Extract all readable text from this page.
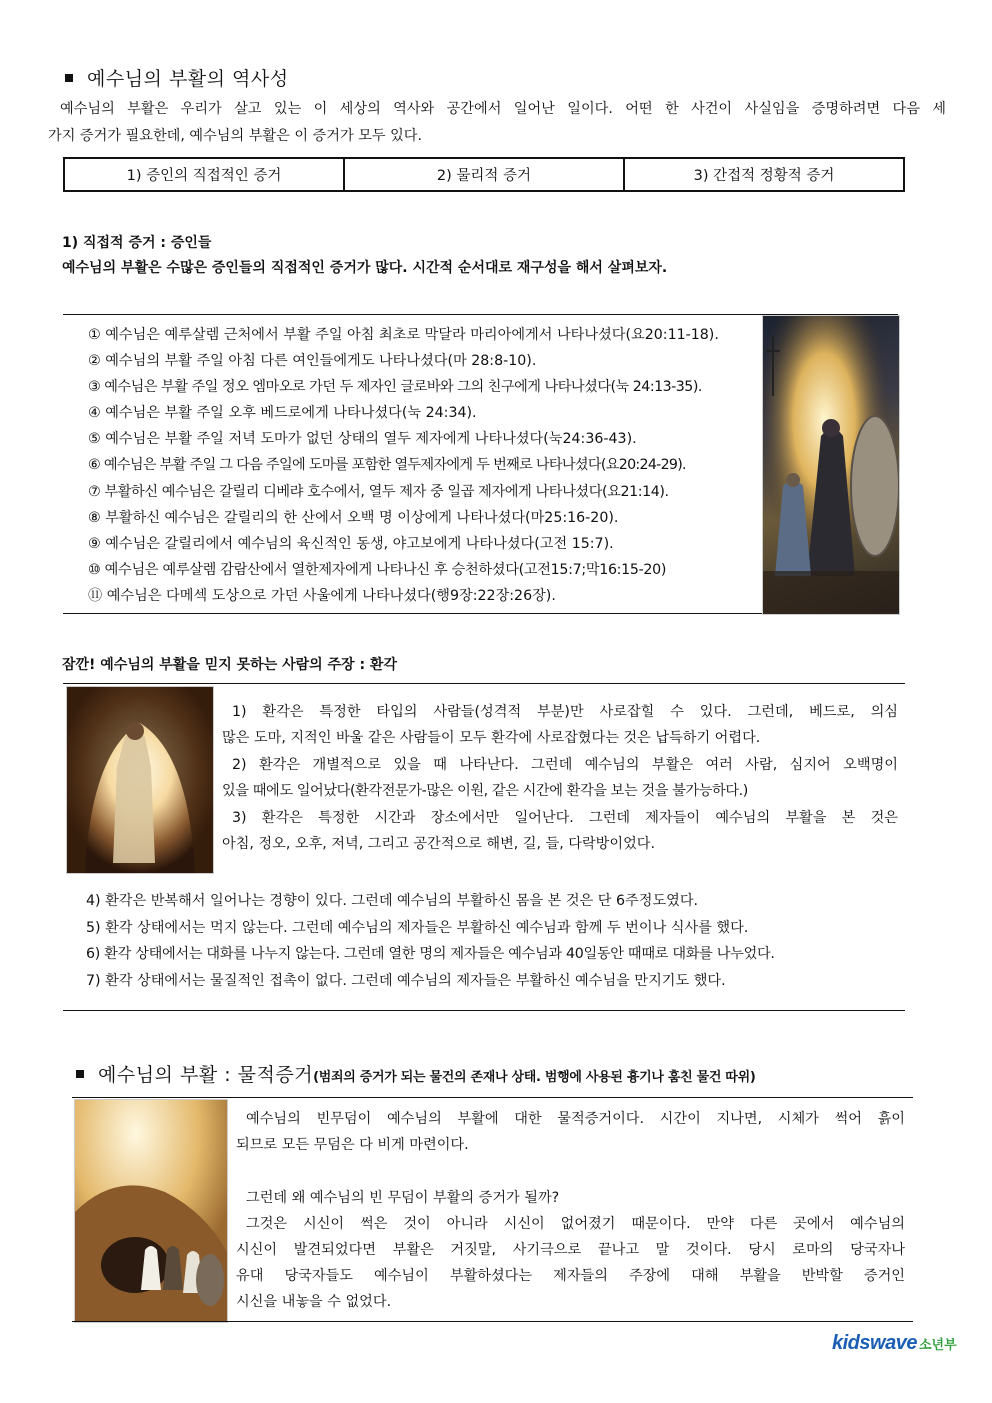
예수님의 부활의 역사성
예수님의 부활은 우리가 살고 있는 이 세상의 역사와 공간에서 일어난 일이다. 어떤 한 사건이 사실임을 증명하려면 다음 세
가지 증거가 필요한데, 예수님의 부활은 이 증거가 모두 있다.
1) 증인의 직접적인 증거	2) 물리적 증거	3) 간접적 정황적 증거
1) 직접적 증거 : 증인들
예수님의 부활은 수많은 증인들의 직접적인 증거가 많다. 시간적 순서대로 재구성을 해서 살펴보자.
① 예수님은 예루살렘 근처에서 부활 주일 아침 최초로 막달라 마리아에게서 나타나셨다(요20:11-18).
② 예수님의 부활 주일 아침 다른 여인들에게도 나타나셨다(마 28:8-10).
③ 예수님은 부활 주일 정오 엠마오로 가던 두 제자인 글로바와 그의 친구에게 나타나셨다(눅 24:13-35).
④ 예수님은 부활 주일 오후 베드로에게 나타나셨다(눅 24:34).
⑤ 예수님은 부활 주일 저녁 도마가 없던 상태의 열두 제자에게 나타나셨다(눅24:36-43).
⑥ 예수님은 부활 주일 그 다음 주일에 도마를 포함한 열두제자에게 두 번째로 나타나셨다(요20:24-29).
⑦ 부활하신 예수님은 갈릴리 디베랴 호수에서, 열두 제자 중 일곱 제자에게 나타나셨다(요21:14).
⑧ 부활하신 예수님은 갈릴리의 한 산에서 오백 명 이상에게 나타나셨다(마25:16-20).
⑨ 예수님은 갈릴리에서 예수님의 육신적인 동생, 야고보에게 나타나셨다(고전 15:7).
⑩ 예수님은 예루살렘 감람산에서 열한제자에게 나타나신 후 승천하셨다(고전15:7;막16:15-20)
⑪ 예수님은 다메섹 도상으로 가던 사울에게 나타나셨다(행9장:22장:26장).
잠깐! 예수님의 부활을 믿지 못하는 사람의 주장 : 환각
1) 환각은 특정한 타입의 사람들(성격적 부분)만 사로잡힐 수 있다. 그런데, 베드로, 의심
많은 도마, 지적인 바울 같은 사람들이 모두 환각에 사로잡혔다는 것은 납득하기 어렵다.
2) 환각은 개별적으로 있을 때 나타난다. 그런데 예수님의 부활은 여러 사람, 심지어 오백명이
있을 때에도 일어났다(환각전문가-많은 이원, 같은 시간에 환각을 보는 것을 불가능하다.)
3) 환각은 특정한 시간과 장소에서만 일어난다. 그런데 제자들이 예수님의 부활을 본 것은
아침, 정오, 오후, 저녁, 그리고 공간적으로 해변, 길, 들, 다락방이었다.
4) 환각은 반복해서 일어나는 경향이 있다. 그런데 예수님의 부활하신 몸을 본 것은 단 6주정도였다.
5) 환각 상태에서는 먹지 않는다. 그런데 예수님의 제자들은 부활하신 예수님과 함께 두 번이나 식사를 했다.
6) 환각 상태에서는 대화를 나누지 않는다. 그런데 열한 명의 제자들은 예수님과 40일동안 때때로 대화를 나누었다.
7) 환각 상태에서는 물질적인 접촉이 없다. 그런데 예수님의 제자들은 부활하신 예수님을 만지기도 했다.
예수님의 부활 : 물적증거(범죄의 증거가 되는 물건의 존재나 상태. 범행에 사용된 흉기나 훔친 물건 따위)
예수님의 빈무덤이 예수님의 부활에 대한 물적증거이다. 시간이 지나면, 시체가 썩어 흙이
되므로 모든 무덤은 다 비게 마련이다.
그런데 왜 예수님의 빈 무덤이 부활의 증거가 될까?
그것은 시신이 썩은 것이 아니라 시신이 없어졌기 때문이다. 만약 다른 곳에서 예수님의
시신이 발견되었다면 부활은 거짓말, 사기극으로 끝나고 말 것이다. 당시 로마의 당국자나
유대 당국자들도 예수님이 부활하셨다는 제자들의 주장에 대해 부활을 반박할 증거인
시신을 내놓을 수 없었다.
kidswave 소년부
